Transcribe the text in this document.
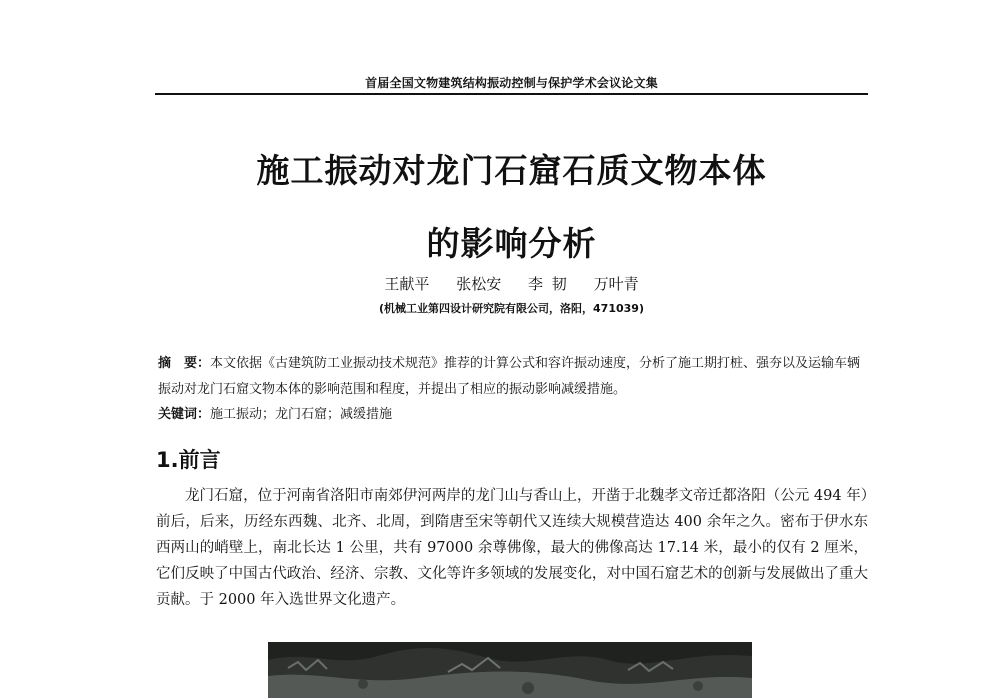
首届全国文物建筑结构振动控制与保护学术会议论文集
施工振动对龙门石窟石质文物本体
的影响分析
王献平 张松安 李 韧 万叶青
(机械工业第四设计研究院有限公司，洛阳，471039)
摘　要：本文依据《古建筑防工业振动技术规范》推荐的计算公式和容许振动速度，分析了施工期打桩、强夯以及运输车辆振动对龙门石窟文物本体的影响范围和程度，并提出了相应的振动影响减缓措施。
关键词：施工振动；龙门石窟；减缓措施
1.前言
龙门石窟，位于河南省洛阳市南郊伊河两岸的龙门山与香山上，开凿于北魏孝文帝迁都洛阳（公元 494 年）前后，后来，历经东西魏、北齐、北周，到隋唐至宋等朝代又连续大规模营造达 400 余年之久。密布于伊水东西两山的峭壁上，南北长达 1 公里，共有 97000 余尊佛像，最大的佛像高达 17.14 米，最小的仅有 2 厘米，它们反映了中国古代政治、经济、宗教、文化等许多领域的发展变化，对中国石窟艺术的创新与发展做出了重大贡献。于 2000 年入选世界文化遗产。
